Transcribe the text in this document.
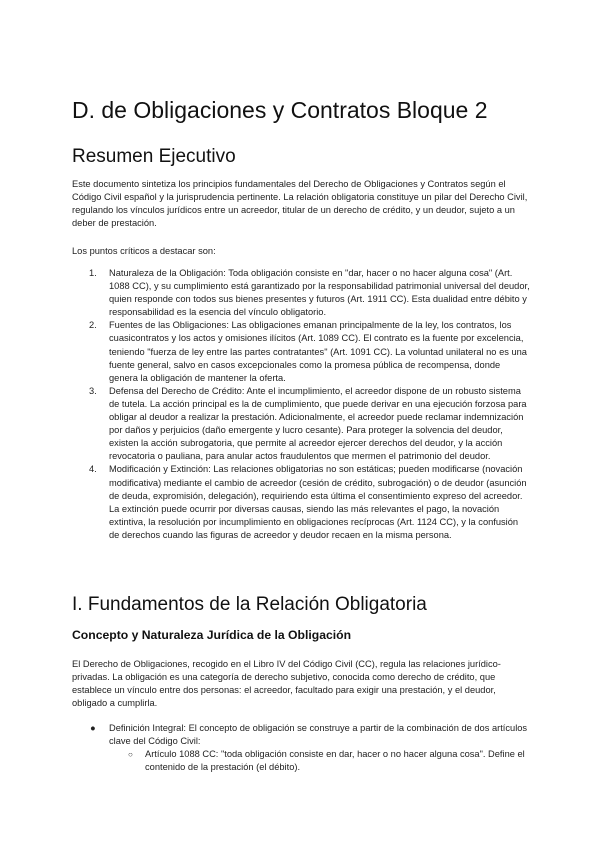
D. de Obligaciones y Contratos Bloque 2
Resumen Ejecutivo

Este documento sintetiza los principios fundamentales del Derecho de Obligaciones y Contratos según el Código Civil español y la jurisprudencia pertinente. La relación obligatoria constituye un pilar del Derecho Civil, regulando los vínculos jurídicos entre un acreedor, titular de un derecho de crédito, y un deudor, sujeto a un deber de prestación.

Los puntos críticos a destacar son:

1. Naturaleza de la Obligación: Toda obligación consiste en "dar, hacer o no hacer alguna cosa" (Art. 1088 CC), y su cumplimiento está garantizado por la responsabilidad patrimonial universal del deudor, quien responde con todos sus bienes presentes y futuros (Art. 1911 CC). Esta dualidad entre débito y responsabilidad es la esencia del vínculo obligatorio.
2. Fuentes de las Obligaciones: Las obligaciones emanan principalmente de la ley, los contratos, los cuasicontratos y los actos y omisiones ilícitos (Art. 1089 CC). El contrato es la fuente por excelencia, teniendo "fuerza de ley entre las partes contratantes" (Art. 1091 CC). La voluntad unilateral no es una fuente general, salvo en casos excepcionales como la promesa pública de recompensa, donde genera la obligación de mantener la oferta.
3. Defensa del Derecho de Crédito: Ante el incumplimiento, el acreedor dispone de un robusto sistema de tutela. La acción principal es la de cumplimiento, que puede derivar en una ejecución forzosa para obligar al deudor a realizar la prestación. Adicionalmente, el acreedor puede reclamar indemnización por daños y perjuicios (daño emergente y lucro cesante). Para proteger la solvencia del deudor, existen la acción subrogatoria, que permite al acreedor ejercer derechos del deudor, y la acción revocatoria o pauliana, para anular actos fraudulentos que mermen el patrimonio del deudor.
4. Modificación y Extinción: Las relaciones obligatorias no son estáticas; pueden modificarse (novación modificativa) mediante el cambio de acreedor (cesión de crédito, subrogación) o de deudor (asunción de deuda, expromisión, delegación), requiriendo esta última el consentimiento expreso del acreedor. La extinción puede ocurrir por diversas causas, siendo las más relevantes el pago, la novación extintiva, la resolución por incumplimiento en obligaciones recíprocas (Art. 1124 CC), y la confusión de derechos cuando las figuras de acreedor y deudor recaen en la misma persona.
I. Fundamentos de la Relación Obligatoria
Concepto y Naturaleza Jurídica de la Obligación

El Derecho de Obligaciones, recogido en el Libro IV del Código Civil (CC), regula las relaciones jurídico-privadas. La obligación es una categoría de derecho subjetivo, conocida como derecho de crédito, que establece un vínculo entre dos personas: el acreedor, facultado para exigir una prestación, y el deudor, obligado a cumplirla.

● Definición Integral: El concepto de obligación se construye a partir de la combinación de dos artículos clave del Código Civil:
○ Artículo 1088 CC: "toda obligación consiste en dar, hacer o no hacer alguna cosa". Define el contenido de la prestación (el débito).
